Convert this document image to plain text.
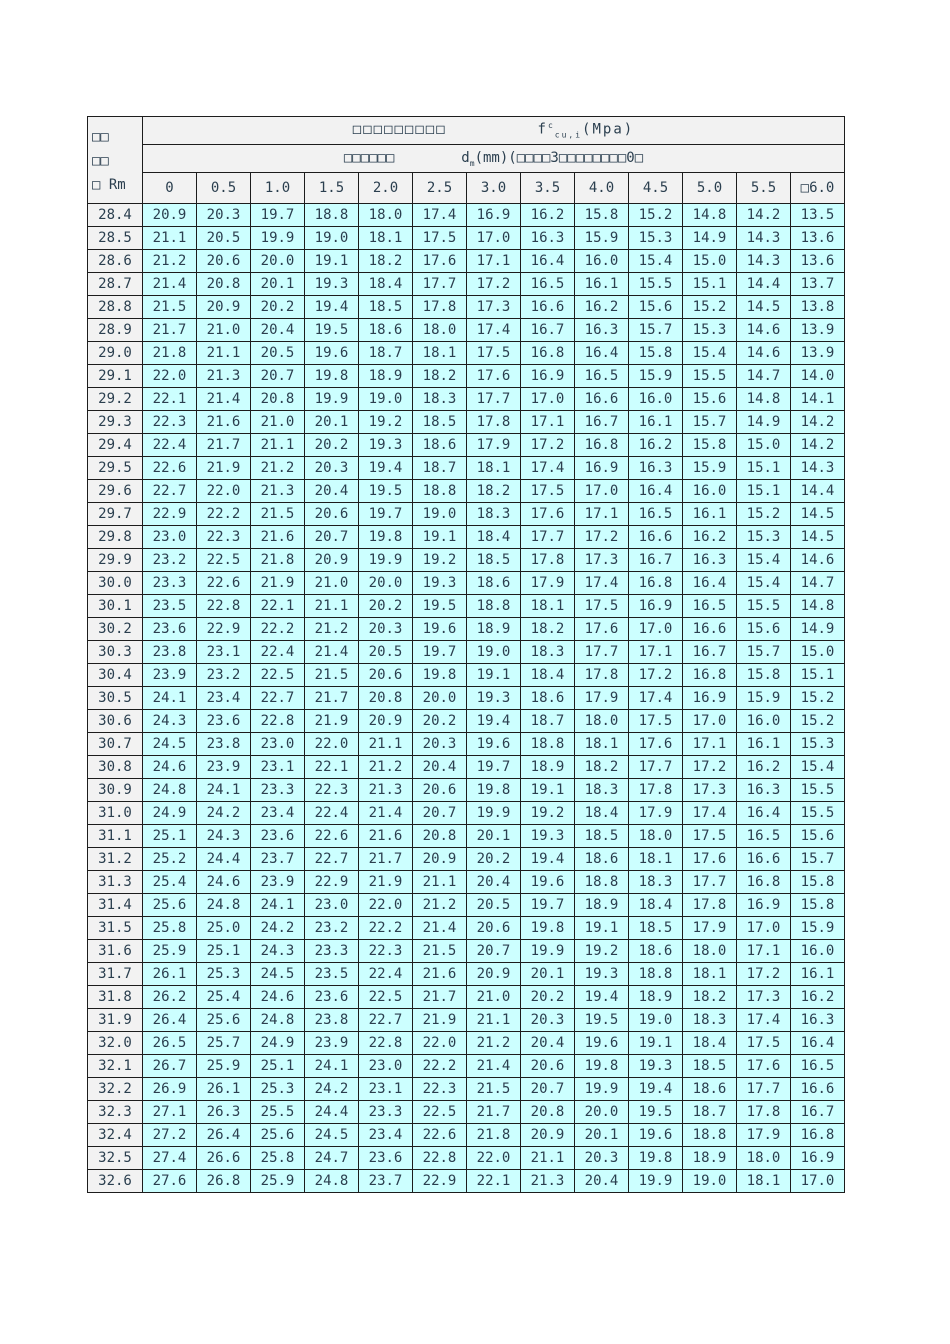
□□
□□
□ Rm	□□□□□□□□□ $f^c_{cu,i}(Mpa)$												
	□□□□□□ $d_m(mm)(□□□□3□□□□□□□□0□$												
	0	0.5	1.0	1.5	2.0	2.5	3.0	3.5	4.0	4.5	5.0	5.5	□6.0
28.4	20.9	20.3	19.7	18.8	18.0	17.4	16.9	16.2	15.8	15.2	14.8	14.2	13.5
28.5	21.1	20.5	19.9	19.0	18.1	17.5	17.0	16.3	15.9	15.3	14.9	14.3	13.6
28.6	21.2	20.6	20.0	19.1	18.2	17.6	17.1	16.4	16.0	15.4	15.0	14.3	13.6
28.7	21.4	20.8	20.1	19.3	18.4	17.7	17.2	16.5	16.1	15.5	15.1	14.4	13.7
28.8	21.5	20.9	20.2	19.4	18.5	17.8	17.3	16.6	16.2	15.6	15.2	14.5	13.8
28.9	21.7	21.0	20.4	19.5	18.6	18.0	17.4	16.7	16.3	15.7	15.3	14.6	13.9
29.0	21.8	21.1	20.5	19.6	18.7	18.1	17.5	16.8	16.4	15.8	15.4	14.6	13.9
29.1	22.0	21.3	20.7	19.8	18.9	18.2	17.6	16.9	16.5	15.9	15.5	14.7	14.0
29.2	22.1	21.4	20.8	19.9	19.0	18.3	17.7	17.0	16.6	16.0	15.6	14.8	14.1
29.3	22.3	21.6	21.0	20.1	19.2	18.5	17.8	17.1	16.7	16.1	15.7	14.9	14.2
29.4	22.4	21.7	21.1	20.2	19.3	18.6	17.9	17.2	16.8	16.2	15.8	15.0	14.2
29.5	22.6	21.9	21.2	20.3	19.4	18.7	18.1	17.4	16.9	16.3	15.9	15.1	14.3
29.6	22.7	22.0	21.3	20.4	19.5	18.8	18.2	17.5	17.0	16.4	16.0	15.1	14.4
29.7	22.9	22.2	21.5	20.6	19.7	19.0	18.3	17.6	17.1	16.5	16.1	15.2	14.5
29.8	23.0	22.3	21.6	20.7	19.8	19.1	18.4	17.7	17.2	16.6	16.2	15.3	14.5
29.9	23.2	22.5	21.8	20.9	19.9	19.2	18.5	17.8	17.3	16.7	16.3	15.4	14.6
30.0	23.3	22.6	21.9	21.0	20.0	19.3	18.6	17.9	17.4	16.8	16.4	15.4	14.7
30.1	23.5	22.8	22.1	21.1	20.2	19.5	18.8	18.1	17.5	16.9	16.5	15.5	14.8
30.2	23.6	22.9	22.2	21.2	20.3	19.6	18.9	18.2	17.6	17.0	16.6	15.6	14.9
30.3	23.8	23.1	22.4	21.4	20.5	19.7	19.0	18.3	17.7	17.1	16.7	15.7	15.0
30.4	23.9	23.2	22.5	21.5	20.6	19.8	19.1	18.4	17.8	17.2	16.8	15.8	15.1
30.5	24.1	23.4	22.7	21.7	20.8	20.0	19.3	18.6	17.9	17.4	16.9	15.9	15.2
30.6	24.3	23.6	22.8	21.9	20.9	20.2	19.4	18.7	18.0	17.5	17.0	16.0	15.2
30.7	24.5	23.8	23.0	22.0	21.1	20.3	19.6	18.8	18.1	17.6	17.1	16.1	15.3
30.8	24.6	23.9	23.1	22.1	21.2	20.4	19.7	18.9	18.2	17.7	17.2	16.2	15.4
30.9	24.8	24.1	23.3	22.3	21.3	20.6	19.8	19.1	18.3	17.8	17.3	16.3	15.5
31.0	24.9	24.2	23.4	22.4	21.4	20.7	19.9	19.2	18.4	17.9	17.4	16.4	15.5
31.1	25.1	24.3	23.6	22.6	21.6	20.8	20.1	19.3	18.5	18.0	17.5	16.5	15.6
31.2	25.2	24.4	23.7	22.7	21.7	20.9	20.2	19.4	18.6	18.1	17.6	16.6	15.7
31.3	25.4	24.6	23.9	22.9	21.9	21.1	20.4	19.6	18.8	18.3	17.7	16.8	15.8
31.4	25.6	24.8	24.1	23.0	22.0	21.2	20.5	19.7	18.9	18.4	17.8	16.9	15.8
31.5	25.8	25.0	24.2	23.2	22.2	21.4	20.6	19.8	19.1	18.5	17.9	17.0	15.9
31.6	25.9	25.1	24.3	23.3	22.3	21.5	20.7	19.9	19.2	18.6	18.0	17.1	16.0
31.7	26.1	25.3	24.5	23.5	22.4	21.6	20.9	20.1	19.3	18.8	18.1	17.2	16.1
31.8	26.2	25.4	24.6	23.6	22.5	21.7	21.0	20.2	19.4	18.9	18.2	17.3	16.2
31.9	26.4	25.6	24.8	23.8	22.7	21.9	21.1	20.3	19.5	19.0	18.3	17.4	16.3
32.0	26.5	25.7	24.9	23.9	22.8	22.0	21.2	20.4	19.6	19.1	18.4	17.5	16.4
32.1	26.7	25.9	25.1	24.1	23.0	22.2	21.4	20.6	19.8	19.3	18.5	17.6	16.5
32.2	26.9	26.1	25.3	24.2	23.1	22.3	21.5	20.7	19.9	19.4	18.6	17.7	16.6
32.3	27.1	26.3	25.5	24.4	23.3	22.5	21.7	20.8	20.0	19.5	18.7	17.8	16.7
32.4	27.2	26.4	25.6	24.5	23.4	22.6	21.8	20.9	20.1	19.6	18.8	17.9	16.8
32.5	27.4	26.6	25.8	24.7	23.6	22.8	22.0	21.1	20.3	19.8	18.9	18.0	16.9
32.6	27.6	26.8	25.9	24.8	23.7	22.9	22.1	21.3	20.4	19.9	19.0	18.1	17.0
